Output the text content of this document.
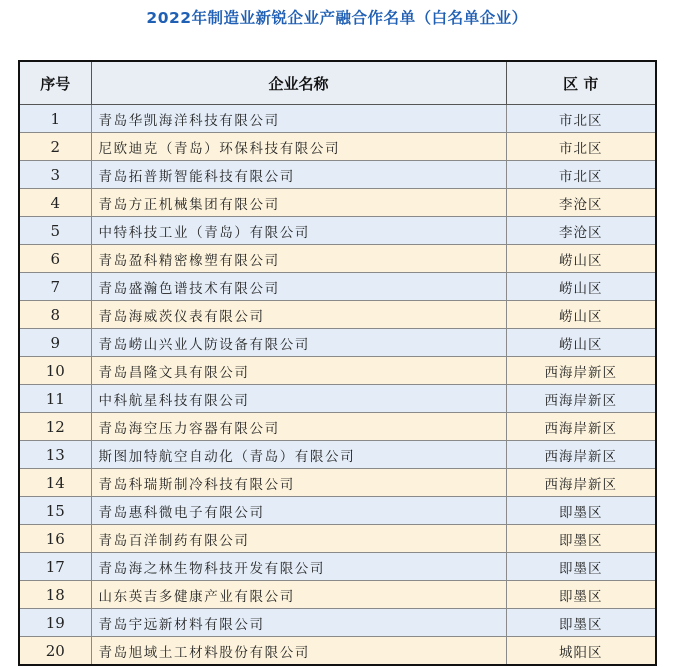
2022年制造业新锐企业产融合作名单（白名单企业）
序号	企业名称	区 市
1	青岛华凯海洋科技有限公司	市北区
2	尼欧迪克（青岛）环保科技有限公司	市北区
3	青岛拓普斯智能科技有限公司	市北区
4	青岛方正机械集团有限公司	李沧区
5	中特科技工业（青岛）有限公司	李沧区
6	青岛盈科精密橡塑有限公司	崂山区
7	青岛盛瀚色谱技术有限公司	崂山区
8	青岛海威茨仪表有限公司	崂山区
9	青岛崂山兴业人防设备有限公司	崂山区
10	青岛昌隆文具有限公司	西海岸新区
11	中科航星科技有限公司	西海岸新区
12	青岛海空压力容器有限公司	西海岸新区
13	斯图加特航空自动化（青岛）有限公司	西海岸新区
14	青岛科瑞斯制冷科技有限公司	西海岸新区
15	青岛惠科微电子有限公司	即墨区
16	青岛百洋制药有限公司	即墨区
17	青岛海之林生物科技开发有限公司	即墨区
18	山东英吉多健康产业有限公司	即墨区
19	青岛宇远新材料有限公司	即墨区
20	青岛旭域土工材料股份有限公司	城阳区
